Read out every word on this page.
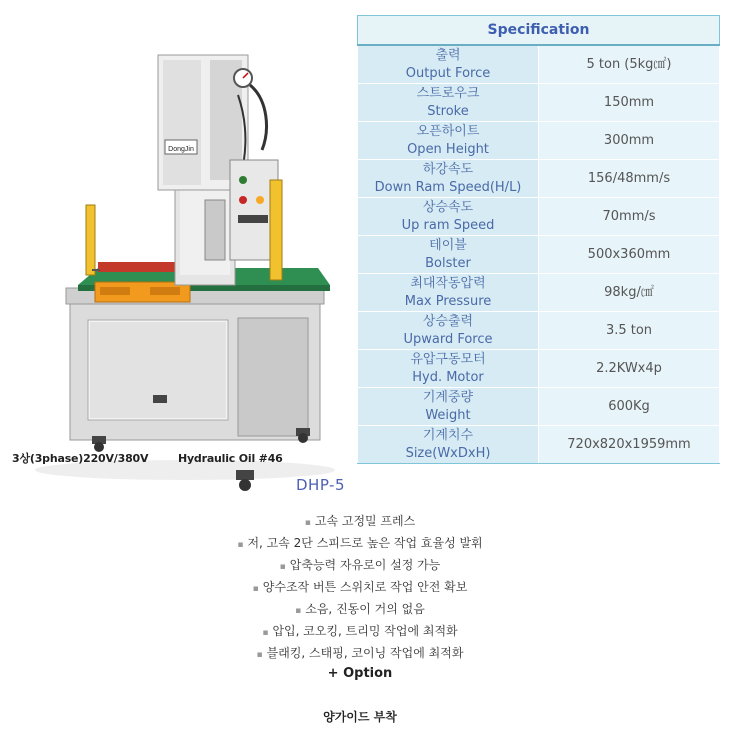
DongJin
3상(3phase)220V/380V	Hydraulic Oil #46
DHP-5
Specification	

출력
Output Force	5 ton (5kg㎠)

스트로우크
Stroke	150mm

오픈하이트
Open Height	300mm

하강속도
Down Ram Speed(H/L)	156/48mm/s

상승속도
Up ram Speed	70mm/s

테이블
Bolster	500x360mm

최대작동압력
Max Pressure	98kg/㎠

상승출력
Upward Force	3.5 ton

유압구동모터
Hyd. Motor	2.2KWx4p

기계중량
Weight	600Kg

기계치수
Size(WxDxH)	720x820x1959mm
▪ 고속 고정밀 프레스
▪ 저, 고속 2단 스피드로 높은 작업 효율성 발휘
▪ 압축능력 자유로이 설정 가능
▪ 양수조작 버튼 스위치로 작업 안전 확보
▪ 소음, 진동이 거의 없음
▪ 압입, 코오킹, 트리밍 작업에 최적화
▪ 블래킹, 스태핑, 코이닝 작업에 최적화
+ Option
양가이드 부착
